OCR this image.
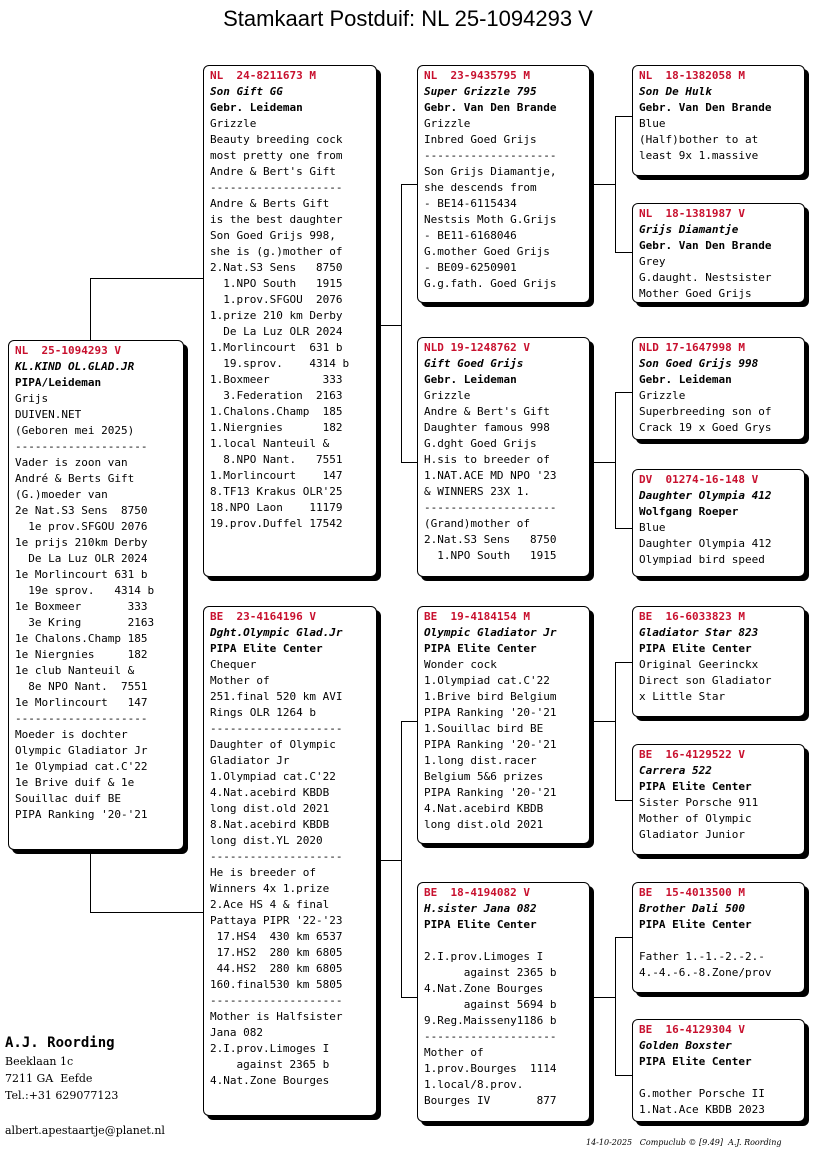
Stamkaart Postduif: NL 25-1094293 V
NL  25-1094293 V
KL.KIND OL.GLAD.JR
PIPA/Leideman
Grijs
DUIVEN.NET
(Geboren mei 2025)
--------------------
Vader is zoon van
André & Berts Gift
(G.)moeder van
2e Nat.S3 Sens  8750
1e prov.SFGOU 2076
1e prijs 210km Derby
De La Luz OLR 2024
1e Morlincourt 631 b
19e sprov.   4314 b
1e Boxmeer       333
3e Kring       2163
1e Chalons.Champ 185
1e Niergnies     182
1e club Nanteuil &
8e NPO Nant.  7551
1e Morlincourt   147
--------------------
Moeder is dochter
Olympic Gladiator Jr
1e Olympiad cat.C'22
1e Brive duif & 1e
Souillac duif BE
PIPA Ranking '20-'21
NL  24-8211673 M
Son Gift GG
Gebr. Leideman
Grizzle
Beauty breeding cock
most pretty one from
Andre & Bert's Gift
--------------------
Andre & Berts Gift
is the best daughter
Son Goed Grijs 998,
she is (g.)mother of
2.Nat.S3 Sens   8750
1.NPO South   1915
1.prov.SFGOU  2076
1.prize 210 km Derby
De La Luz OLR 2024
1.Morlincourt  631 b
19.sprov.    4314 b
1.Boxmeer        333
3.Federation  2163
1.Chalons.Champ  185
1.Niergnies      182
1.local Nanteuil &
8.NPO Nant.   7551
1.Morlincourt    147
8.TF13 Krakus OLR'25
18.NPO Laon    11179
19.prov.Duffel 17542
BE  23-4164196 V
Dght.Olympic Glad.Jr
PIPA Elite Center
Chequer
Mother of
251.final 520 km AVI
Rings OLR 1264 b
--------------------
Daughter of Olympic
Gladiator Jr
1.Olympiad cat.C'22
4.Nat.acebird KBDB
long dist.old 2021
8.Nat.acebird KBDB
long dist.YL 2020
--------------------
He is breeder of
Winners 4x 1.prize
2.Ace HS 4 & final
Pattaya PIPR '22-'23
17.HS4  430 km 6537
17.HS2  280 km 6805
44.HS2  280 km 6805
160.final530 km 5805
--------------------
Mother is Halfsister
Jana 082
2.I.prov.Limoges I
against 2365 b
4.Nat.Zone Bourges
NL  23-9435795 M
Super Grizzle 795
Gebr. Van Den Brande
Grizzle
Inbred Goed Grijs
--------------------
Son Grijs Diamantje,
she descends from
- BE14-6115434
Nestsis Moth G.Grijs
- BE11-6168046
G.mother Goed Grijs
- BE09-6250901
G.g.fath. Goed Grijs
NLD 19-1248762 V
Gift Goed Grijs
Gebr. Leideman
Grizzle
Andre & Bert's Gift
Daughter famous 998
G.dght Goed Grijs
H.sis to breeder of
1.NAT.ACE MD NPO '23
& WINNERS 23X 1.
--------------------
(Grand)mother of
2.Nat.S3 Sens   8750
1.NPO South   1915
BE  19-4184154 M
Olympic Gladiator Jr
PIPA Elite Center
Wonder cock
1.Olympiad cat.C'22
1.Brive bird Belgium
PIPA Ranking '20-'21
1.Souillac bird BE
PIPA Ranking '20-'21
1.long dist.racer
Belgium 5&6 prizes
PIPA Ranking '20-'21
4.Nat.acebird KBDB
long dist.old 2021
BE  18-4194082 V
H.sister Jana 082
PIPA Elite Center
2.I.prov.Limoges I
against 2365 b
4.Nat.Zone Bourges
against 5694 b
9.Reg.Maisseny1186 b
--------------------
Mother of
1.prov.Bourges  1114
1.local/8.prov.
Bourges IV       877
NL  18-1382058 M
Son De Hulk
Gebr. Van Den Brande
Blue
(Half)bother to at
least 9x 1.massive
NL  18-1381987 V
Grijs Diamantje
Gebr. Van Den Brande
Grey
G.daught. Nestsister
Mother Goed Grijs
NLD 17-1647998 M
Son Goed Grijs 998
Gebr. Leideman
Grizzle
Superbreeding son of
Crack 19 x Goed Grys
DV  01274-16-148 V
Daughter Olympia 412
Wolfgang Roeper
Blue
Daughter Olympia 412
Olympiad bird speed
BE  16-6033823 M
Gladiator Star 823
PIPA Elite Center
Original Geerinckx
Direct son Gladiator
x Little Star
BE  16-4129522 V
Carrera 522
PIPA Elite Center
Sister Porsche 911
Mother of Olympic
Gladiator Junior
BE  15-4013500 M
Brother Dali 500
PIPA Elite Center
Father 1.-1.-2.-2.-
4.-4.-6.-8.Zone/prov
BE  16-4129304 V
Golden Boxster
PIPA Elite Center
G.mother Porsche II
1.Nat.Ace KBDB 2023
A.J. Roording
Beeklaan 1c
7211 GA  Eefde
Tel.:+31 629077123
albert.apestaartje@planet.nl
14-10-2025   Compuclub © [9.49]  A.J. Roording
